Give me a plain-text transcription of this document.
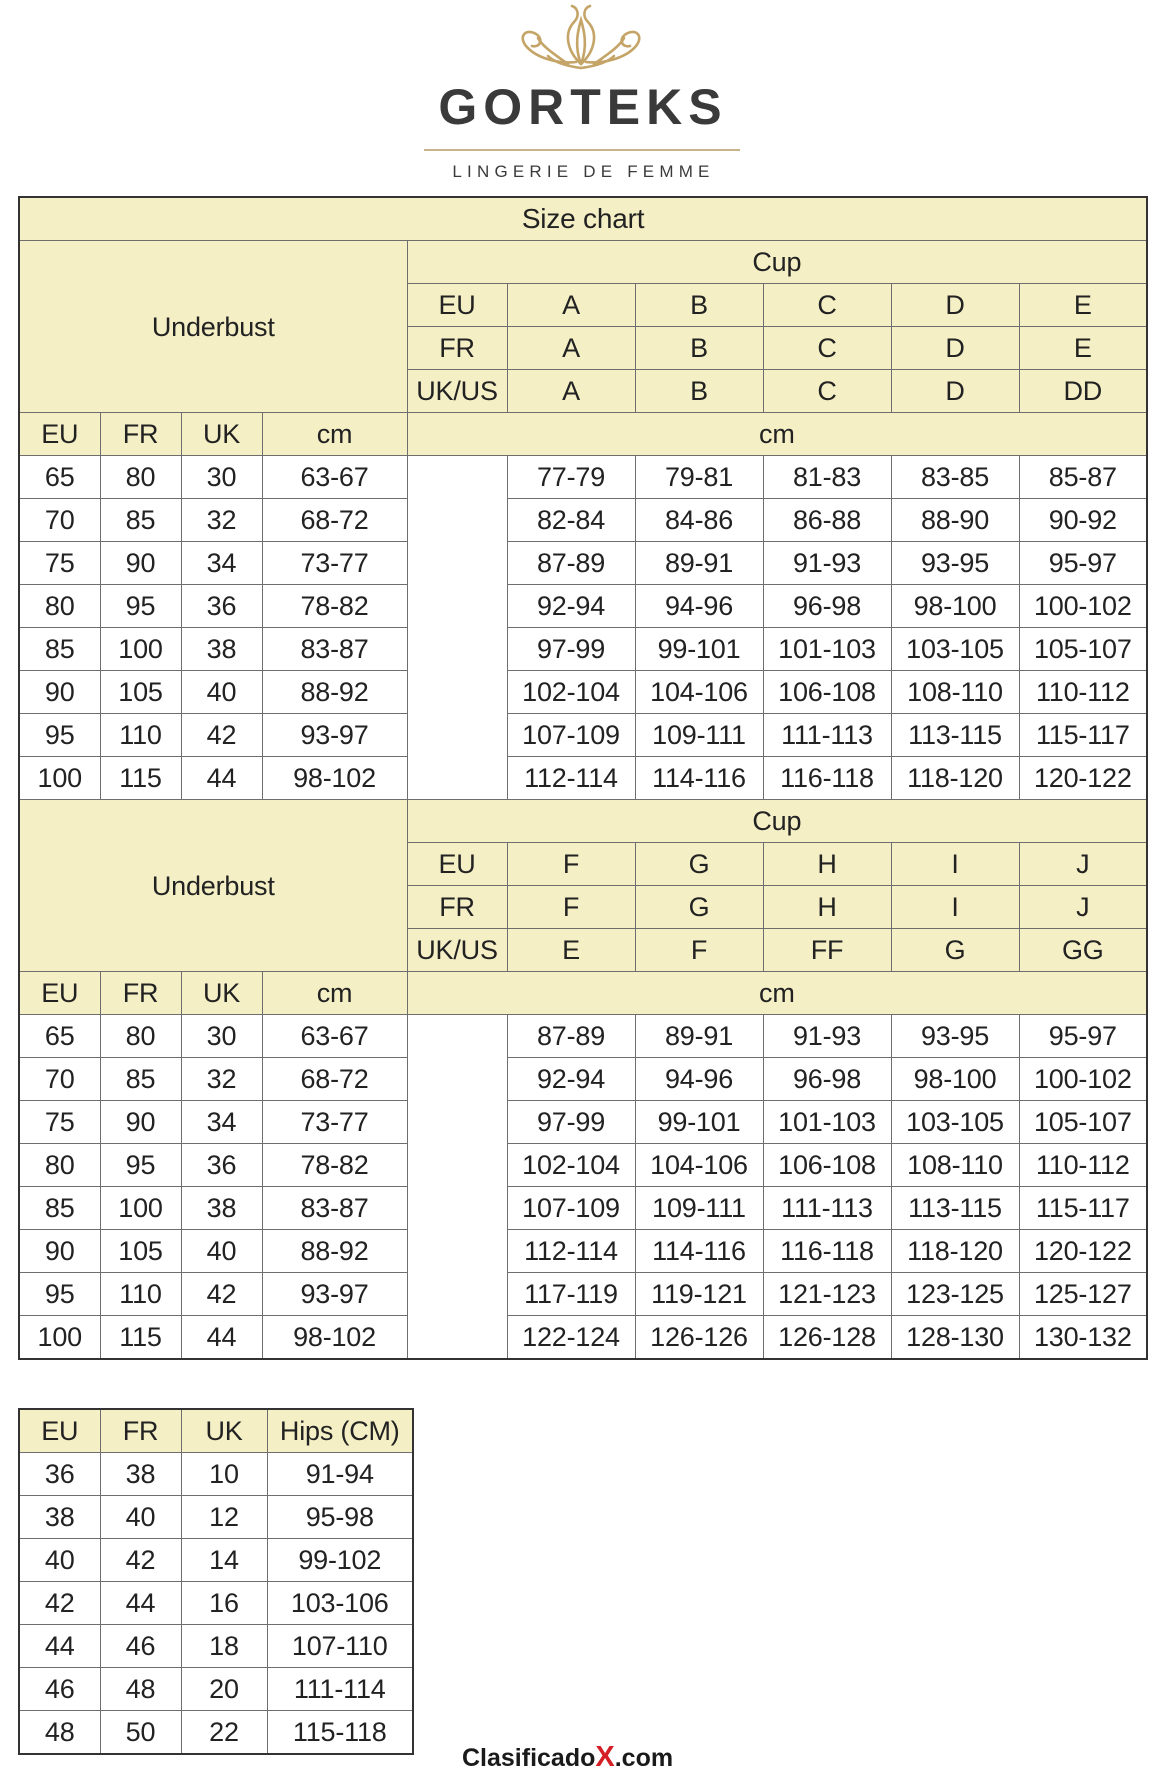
GORTEKS
LINGERIE DE FEMME
Size chart									
Underbust				Cup					
				EU	A	B	C	D	E
				FR	A	B	C	D	E
				UK/US	A	B	C	D	DD
EU	FR	UK	cm	cm					
65	80	30	63-67		77-79	79-81	81-83	83-85	85-87
70	85	32	68-72		82-84	84-86	86-88	88-90	90-92
75	90	34	73-77		87-89	89-91	91-93	93-95	95-97
80	95	36	78-82		92-94	94-96	96-98	98-100	100-102
85	100	38	83-87		97-99	99-101	101-103	103-105	105-107
90	105	40	88-92		102-104	104-106	106-108	108-110	110-112
95	110	42	93-97		107-109	109-111	111-113	113-115	115-117
100	115	44	98-102		112-114	114-116	116-118	118-120	120-122
Underbust				Cup					
				EU	F	G	H	I	J
				FR	F	G	H	I	J
				UK/US	E	F	FF	G	GG
EU	FR	UK	cm	cm					
65	80	30	63-67		87-89	89-91	91-93	93-95	95-97
70	85	32	68-72		92-94	94-96	96-98	98-100	100-102
75	90	34	73-77		97-99	99-101	101-103	103-105	105-107
80	95	36	78-82		102-104	104-106	106-108	108-110	110-112
85	100	38	83-87		107-109	109-111	111-113	113-115	115-117
90	105	40	88-92		112-114	114-116	116-118	118-120	120-122
95	110	42	93-97		117-119	119-121	121-123	123-125	125-127
100	115	44	98-102		122-124	126-126	126-128	128-130	130-132
EU	FR	UK	Hips (CM)
36	38	10	91-94
38	40	12	95-98
40	42	14	99-102
42	44	16	103-106
44	46	18	107-110
46	48	20	111-114
48	50	22	115-118
ClasificadoX.com
